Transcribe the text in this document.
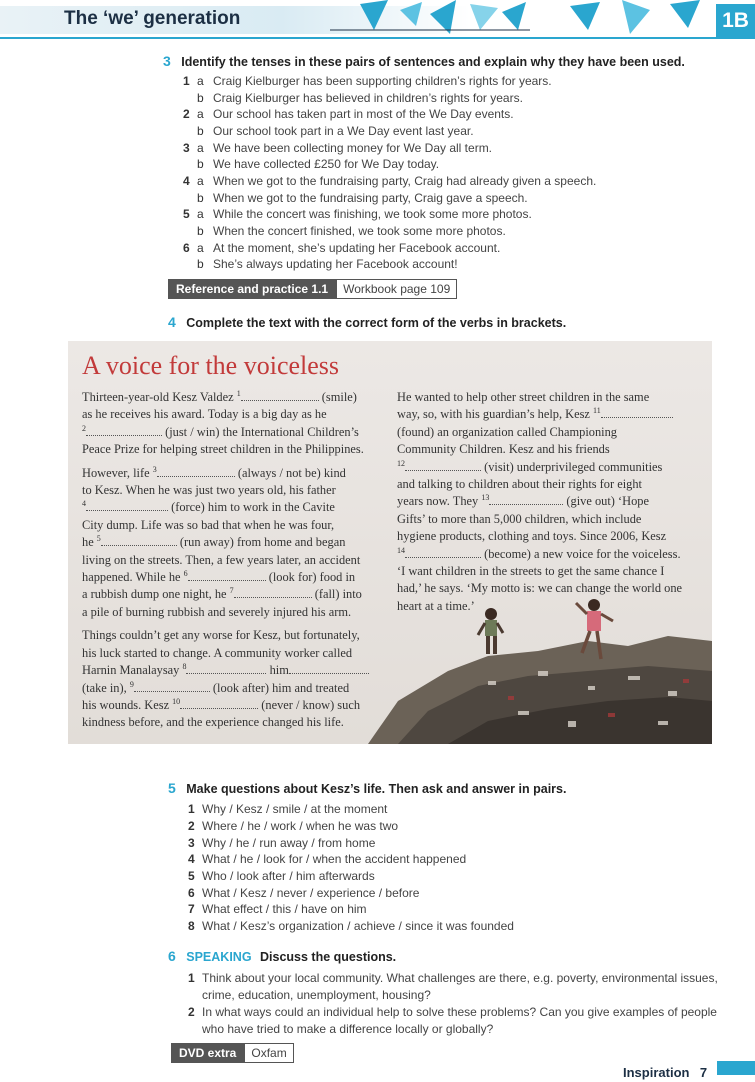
The ‘we’ generation	1B
3 Identify the tenses in these pairs of sentences and explain why they have been used.
1 a Craig Kielburger has been supporting children’s rights for years.
b Craig Kielburger has believed in children’s rights for years.
2 a Our school has taken part in most of the We Day events.
b Our school took part in a We Day event last year.
3 a We have been collecting money for We Day all term.
b We have collected £250 for We Day today.
4 a When we got to the fundraising party, Craig had already given a speech.
b When we got to the fundraising party, Craig gave a speech.
5 a While the concert was finishing, we took some more photos.
b When the concert finished, we took some more photos.
6 a At the moment, she’s updating her Facebook account.
b She’s always updating her Facebook account!
Reference and practice 1.1	Workbook page 109
4 Complete the text with the correct form of the verbs in brackets.
A voice for the voiceless
Thirteen-year-old Kesz Valdez $^1$	(smile)
as he receives his award. Today is a big day as he
$^2$	(just / win) the International Children’s
Peace Prize for helping street children in the Philippines.
However, life $^3$	(always / not be) kind
to Kesz. When he was just two years old, his father
$^4$	(force) him to work in the Cavite
City dump. Life was so bad that when he was four,
he $^5$	(run away) from home and began
living on the streets. Then, a few years later, an accident
happened. While he $^6$	(look for) food in
a rubbish dump one night, he $^7$	(fall) into
a pile of burning rubbish and severely injured his arm.
Things couldn’t get any worse for Kesz, but fortunately,
his luck started to change. A community worker called
Harnin Manalaysay $^8$	him
(take in), $^9$	(look after) him and treated
his wounds. Kesz $^{10}$	(never / know) such
kindness before, and the experience changed his life.
He wanted to help other street children in the same
way, so, with his guardian’s help, Kesz $^{11}$
(found) an organization called Championing
Community Children. Kesz and his friends
$^{12}$	(visit) underprivileged communities
and talking to children about their rights for eight
years now. They $^{13}$	(give out) ‘Hope
Gifts’ to more than 5,000 children, which include
hygiene products, clothing and toys. Since 2006, Kesz
$^{14}$	(become) a new voice for the voiceless.
‘I want children in the streets to get the same chance I
had,’ he says. ‘My motto is: we can change the world one
heart at a time.’
5 Make questions about Kesz’s life. Then ask and answer in pairs.
1 Why / Kesz / smile / at the moment
2 Where / he / work / when he was two
3 Why / he / run away / from home
4 What / he / look for / when the accident happened
5 Who / look after / him afterwards
6 What / Kesz / never / experience / before
7 What effect / this / have on him
8 What / Kesz’s organization / achieve / since it was founded
6 SPEAKING Discuss the questions.
1 Think about your local community. What challenges are there, e.g. poverty, environmental issues,
crime, education, unemployment, housing?
2 In what ways could an individual help to solve these problems? Can you give examples of people
who have tried to make a difference locally or globally?
DVD extra	Oxfam
Inspiration 7
